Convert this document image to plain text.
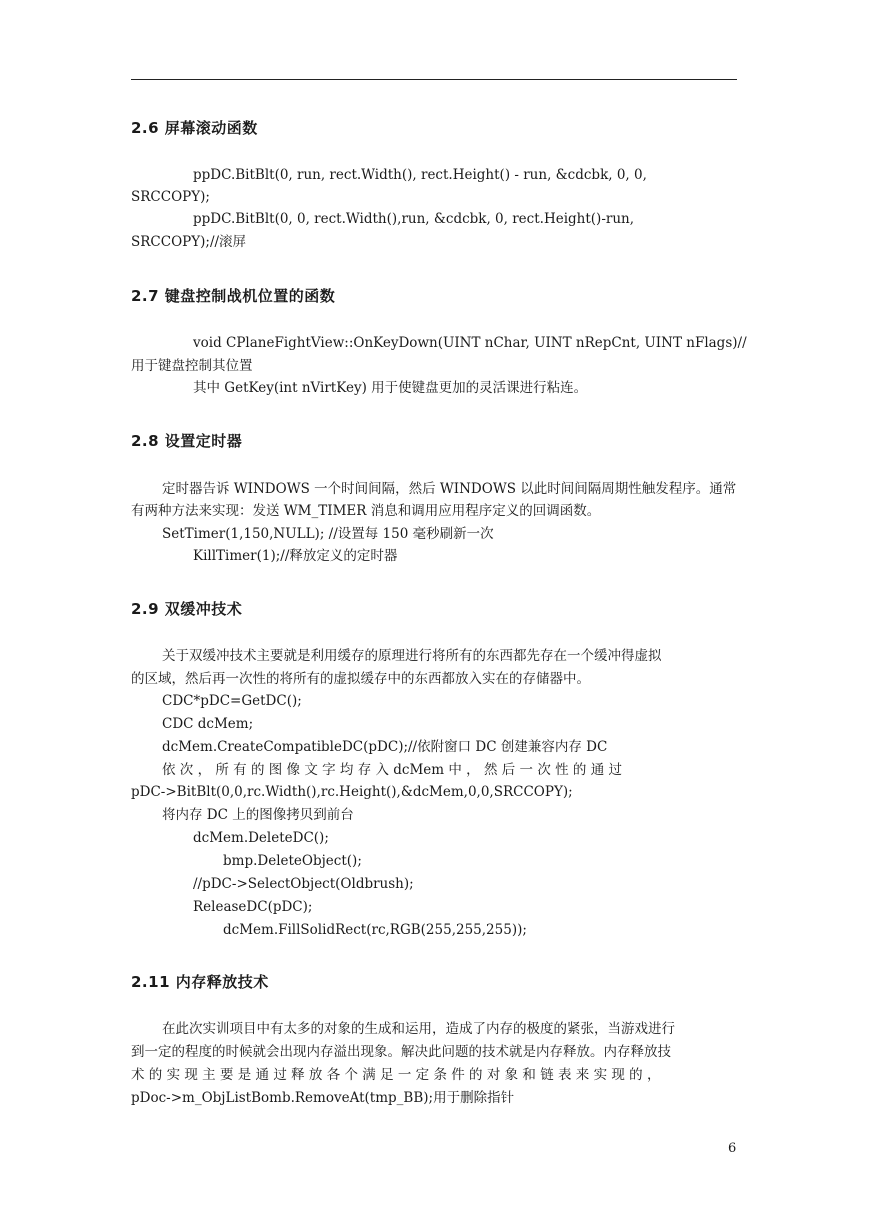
2.6 屏幕滚动函数
ppDC.BitBlt(0, run, rect.Width(), rect.Height() - run, &cdcbk, 0, 0,
SRCCOPY);
ppDC.BitBlt(0, 0, rect.Width(),run, &cdcbk, 0, rect.Height()-run,
SRCCOPY);//滚屏
2.7 键盘控制战机位置的函数
void CPlaneFightView::OnKeyDown(UINT nChar, UINT nRepCnt, UINT nFlags)//
用于键盘控制其位置
其中 GetKey(int nVirtKey) 用于使键盘更加的灵活课进行粘连。
2.8 设置定时器
定时器告诉 WINDOWS 一个时间间隔，然后 WINDOWS 以此时间间隔周期性触发程序。通常
有两种方法来实现：发送 WM_TIMER 消息和调用应用程序定义的回调函数。
SetTimer(1,150,NULL); //设置每 150 毫秒刷新一次
KillTimer(1);//释放定义的定时器
2.9 双缓冲技术
关于双缓冲技术主要就是利用缓存的原理进行将所有的东西都先存在一个缓冲得虚拟
的区域，然后再一次性的将所有的虚拟缓存中的东西都放入实在的存储器中。
CDC*pDC=GetDC();
CDC dcMem;
dcMem.CreateCompatibleDC(pDC);//依附窗口 DC 创建兼容内存 DC
依 次 ， 所 有 的 图 像 文 字 均 存 入 dcMem 中 ， 然 后 一 次 性 的 通 过
pDC->BitBlt(0,0,rc.Width(),rc.Height(),&dcMem,0,0,SRCCOPY);
将内存 DC 上的图像拷贝到前台
dcMem.DeleteDC();
bmp.DeleteObject();
//pDC->SelectObject(Oldbrush);
ReleaseDC(pDC);
dcMem.FillSolidRect(rc,RGB(255,255,255));
2.11 内存释放技术
在此次实训项目中有太多的对象的生成和运用，造成了内存的极度的紧张，当游戏进行
到一定的程度的时候就会出现内存溢出现象。解决此问题的技术就是内存释放。内存释放技
术 的 实 现 主 要 是 通 过 释 放 各 个 满 足 一 定 条 件 的 对 象 和 链 表 来 实 现 的 ，
pDoc->m_ObjListBomb.RemoveAt(tmp_BB);用于删除指针
6
